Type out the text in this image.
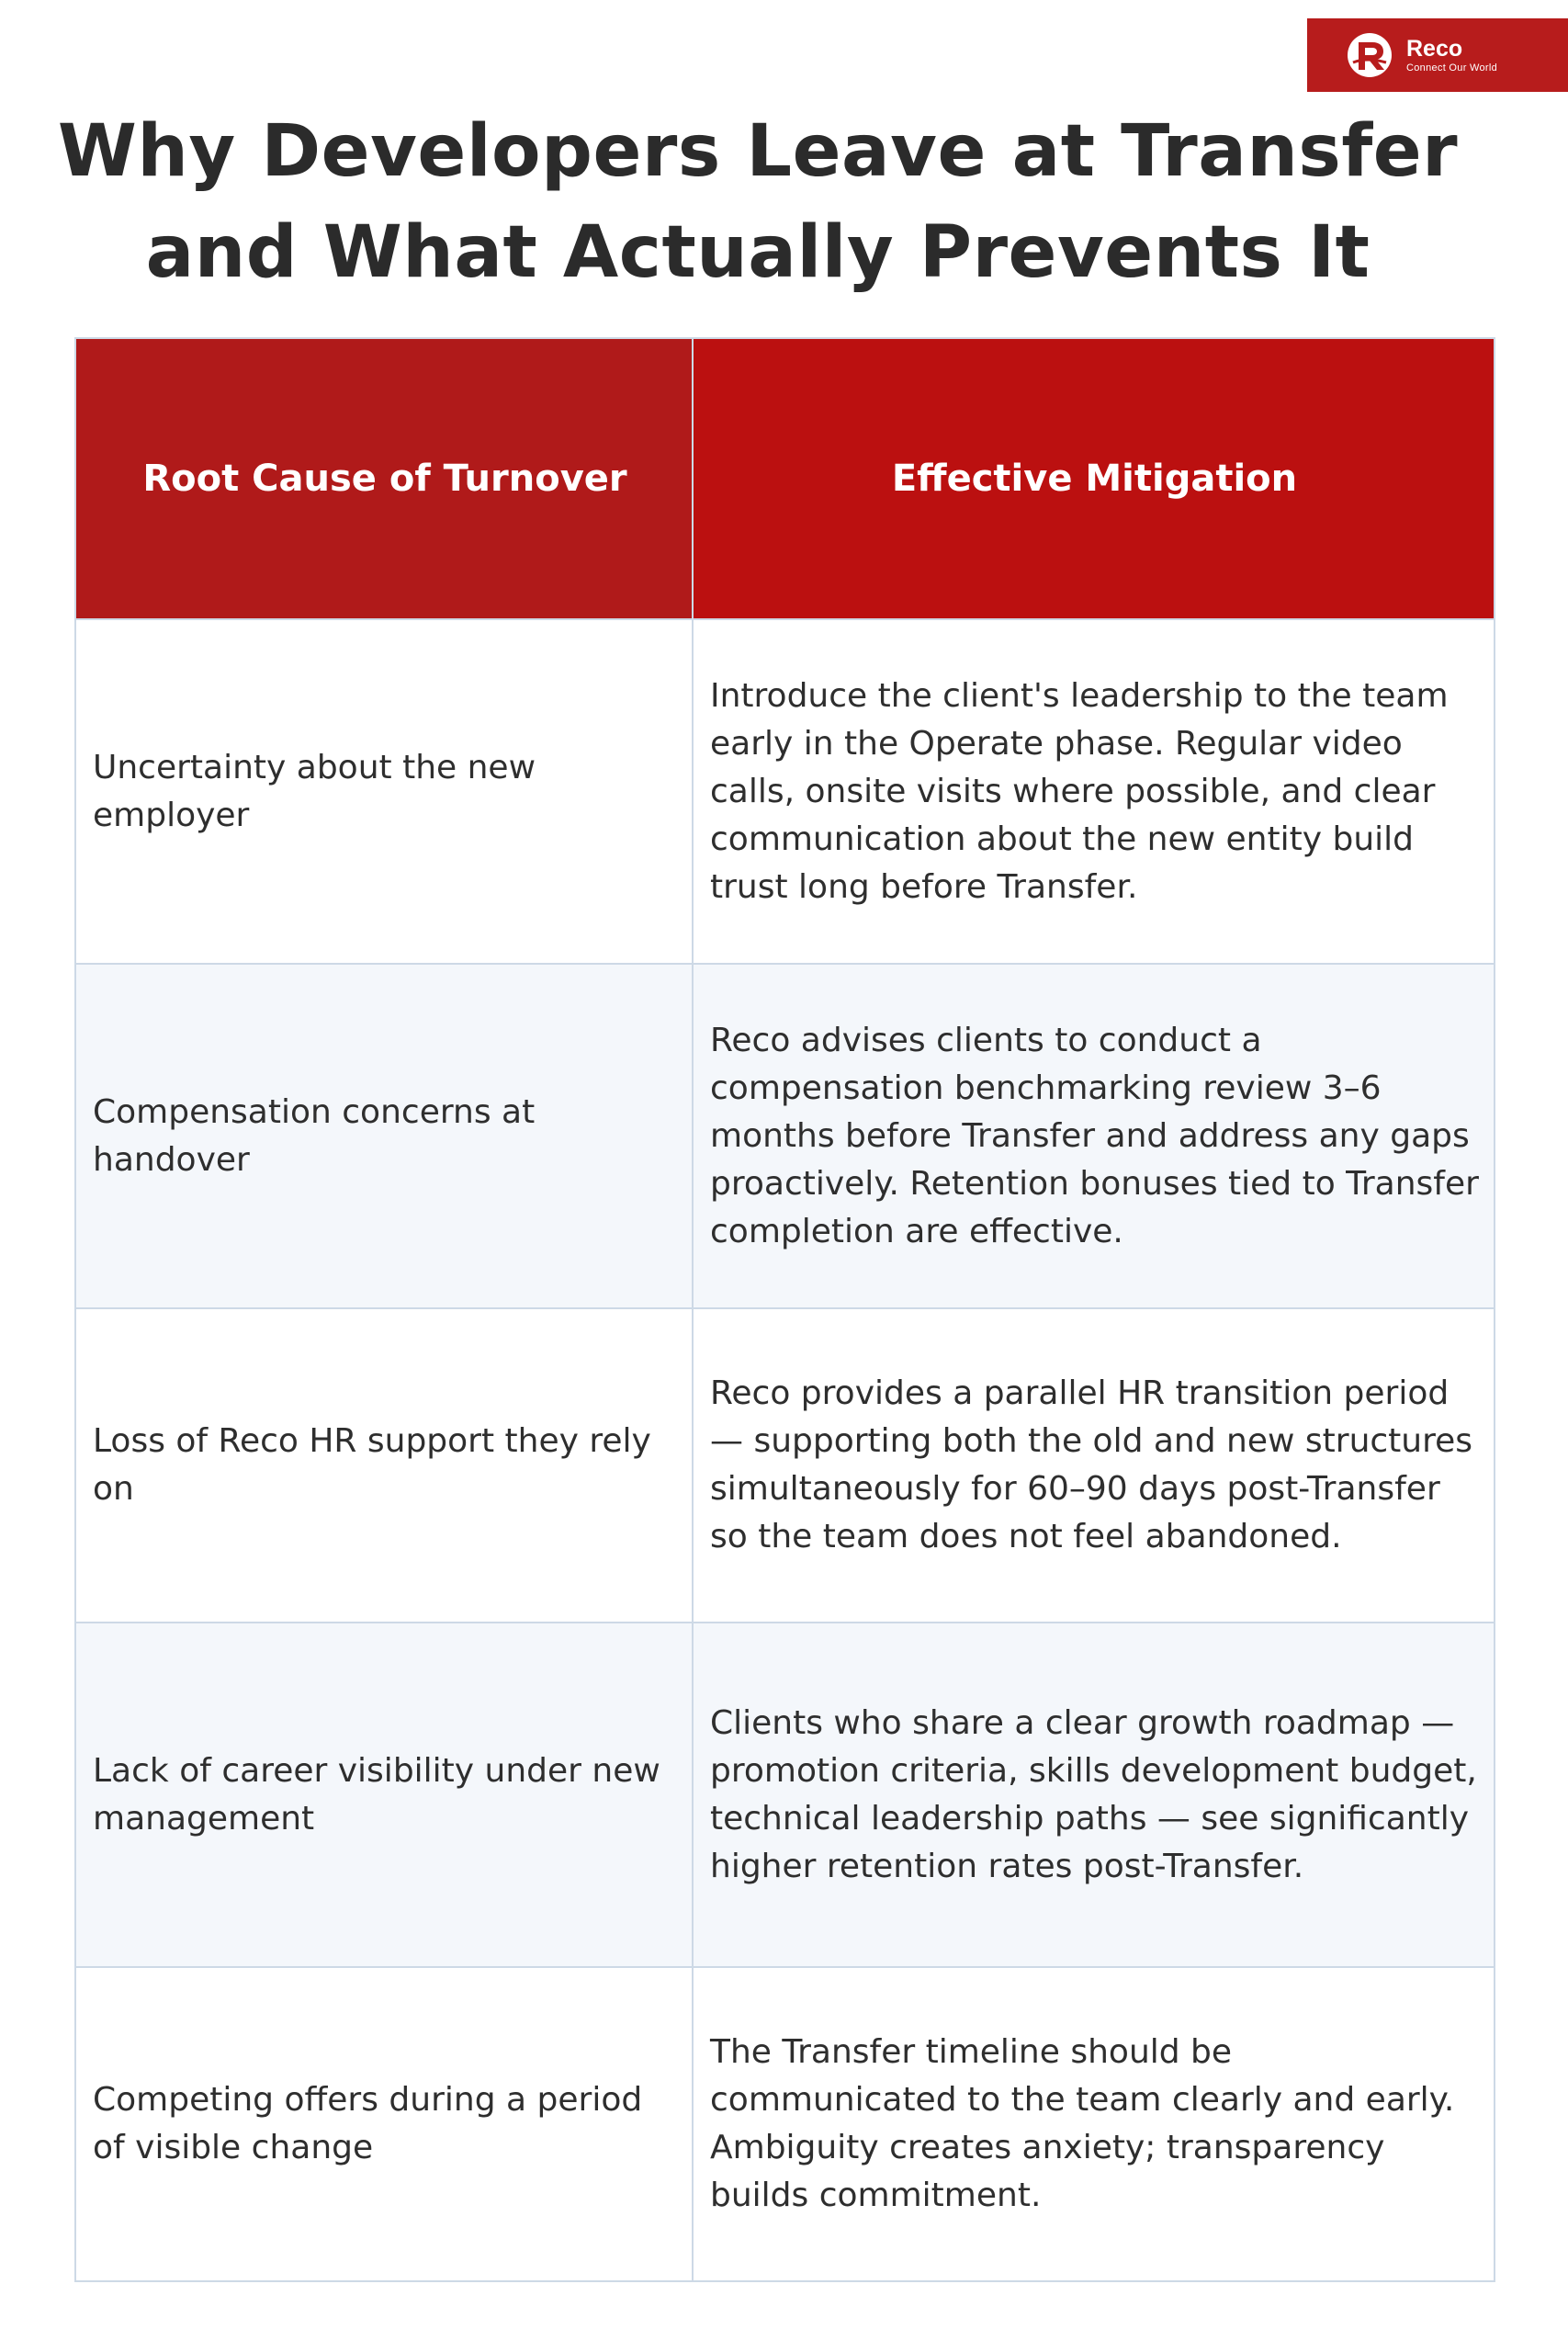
Reco
Connect Our World
Why Developers Leave at Transfer
and What Actually Prevents It
Root Cause of Turnover	Effective Mitigation
Uncertainty about the new employer	Introduce the client's leadership to the team early in the Operate phase. Regular video calls, onsite visits where possible, and clear communication about the new entity build trust long before Transfer.
Compensation concerns at handover	Reco advises clients to conduct a compensation benchmarking review 3–6 months before Transfer and address any gaps proactively. Retention bonuses tied to Transfer completion are effective.
Loss of Reco HR support they rely on	Reco provides a parallel HR transition period — supporting both the old and new structures simultaneously for 60–90 days post-Transfer so the team does not feel abandoned.
Lack of career visibility under new management	Clients who share a clear growth roadmap — promotion criteria, skills development budget, technical leadership paths — see significantly higher retention rates post-Transfer.
Competing offers during a period of visible change	The Transfer timeline should be communicated to the team clearly and early. Ambiguity creates anxiety; transparency builds commitment.
